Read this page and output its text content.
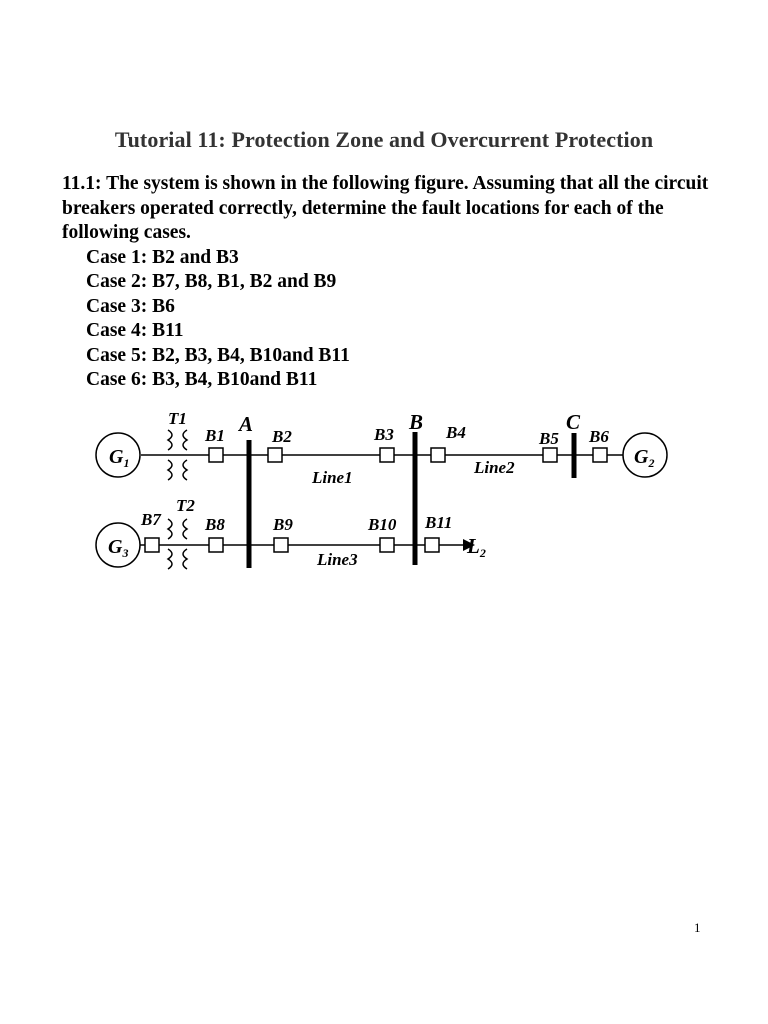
Tutorial 11: Protection Zone and Overcurrent Protection

11.1: The system is shown in the following figure. Assuming that all the circuit breakers operated correctly, determine the fault locations for each of the following cases.

Case 1: B2 and B3
Case 2: B7, B8, B1, B2 and B9
Case 3: B6
Case 4: B11
Case 5: B2, B3, B4, B10and B11
Case 6: B3, B4, B10and B11
$G_1$	$G_2$
$G_3$
T1
T2
A	B	C
B1	B2	B3	B4	B5 B6
B7	B8	B9	B10 B11
Line1
Line2
Line3
L2
1
